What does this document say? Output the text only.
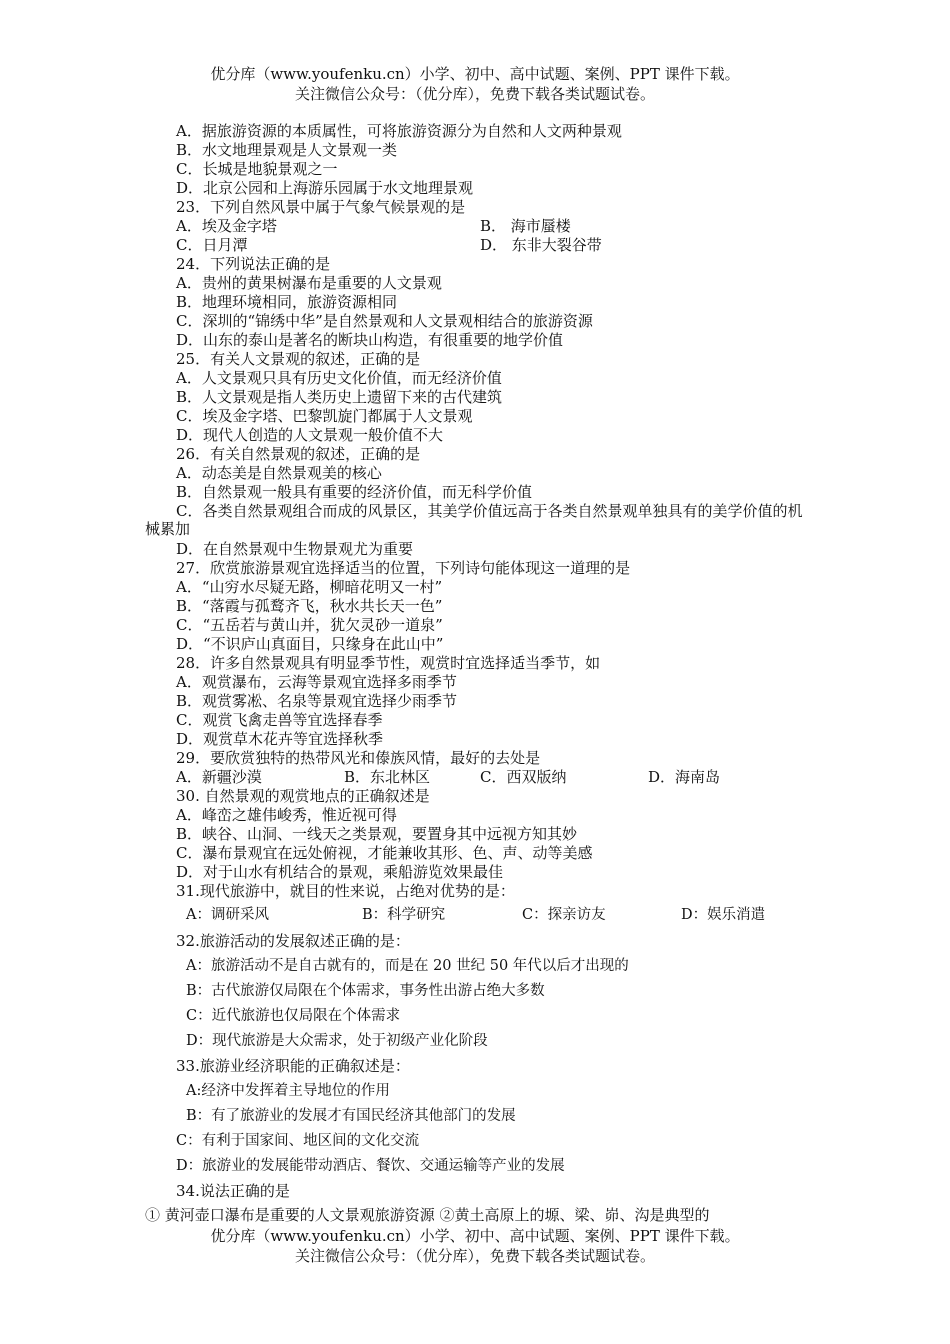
优分库（www.youfenku.cn）小学、初中、高中试题、案例、PPT 课件下载。
关注微信公众号：（优分库），免费下载各类试题试卷。
A．据旅游资源的本质属性，可将旅游资源分为自然和人文两种景观
B．水文地理景观是人文景观一类
C．长城是地貌景观之一
D．北京公园和上海游乐园属于水文地理景观
23．下列自然风景中属于气象气候景观的是
A．埃及金字塔	B． 海市蜃楼
C．日月潭	D． 东非大裂谷带
24．下列说法正确的是
A．贵州的黄果树瀑布是重要的人文景观
B．地理环境相同，旅游资源相同
C．深圳的“锦绣中华”是自然景观和人文景观相结合的旅游资源
D．山东的泰山是著名的断块山构造，有很重要的地学价值
25．有关人文景观的叙述，正确的是
A．人文景观只具有历史文化价值，而无经济价值
B．人文景观是指人类历史上遗留下来的古代建筑
C．埃及金字塔、巴黎凯旋门都属于人文景观
D．现代人创造的人文景观一般价值不大
26．有关自然景观的叙述，正确的是
A．动态美是自然景观美的核心
B．自然景观一般具有重要的经济价值，而无科学价值
C．各类自然景观组合而成的风景区，其美学价值远高于各类自然景观单独具有的美学价值的机械累加
D．在自然景观中生物景观尤为重要
27．欣赏旅游景观宜选择适当的位置，下列诗句能体现这一道理的是
A．“山穷水尽疑无路，柳暗花明又一村”
B．“落霞与孤鹜齐飞，秋水共长天一色”
C．“五岳若与黄山并，犹欠灵砂一道泉”
D．“不识庐山真面目，只缘身在此山中”
28．许多自然景观具有明显季节性，观赏时宜选择适当季节，如
A．观赏瀑布，云海等景观宜选择多雨季节
B．观赏雾凇、名泉等景观宜选择少雨季节
C．观赏飞禽走兽等宜选择春季
D．观赏草木花卉等宜选择秋季
29．要欣赏独特的热带风光和傣族风情，最好的去处是
A．新疆沙漠	B．东北林区	C．西双版纳	D．海南岛
30. 自然景观的观赏地点的正确叙述是
A．峰峦之雄伟峻秀，惟近视可得
B．峡谷、山洞、一线天之类景观，要置身其中远视方知其妙
C．瀑布景观宜在远处俯视，才能兼收其形、色、声、动等美感
D．对于山水有机结合的景观，乘船游览效果最佳
31.现代旅游中，就目的性来说，占绝对优势的是：
A：调研采风	B：科学研究	C：探亲访友	D：娱乐消遣
32.旅游活动的发展叙述正确的是：
A：旅游活动不是自古就有的，而是在 20 世纪 50 年代以后才出现的
B：古代旅游仅局限在个体需求，事务性出游占绝大多数
C：近代旅游也仅局限在个体需求
D：现代旅游是大众需求，处于初级产业化阶段
33.旅游业经济职能的正确叙述是：
A:经济中发挥着主导地位的作用
B：有了旅游业的发展才有国民经济其他部门的发展
C：有利于国家间、地区间的文化交流
D：旅游业的发展能带动酒店、餐饮、交通运输等产业的发展
34.说法正确的是
① 黄河壶口瀑布是重要的人文景观旅游资源 ②黄土高原上的塬、梁、峁、沟是典型的
优分库（www.youfenku.cn）小学、初中、高中试题、案例、PPT 课件下载。
关注微信公众号：（优分库），免费下载各类试题试卷。
